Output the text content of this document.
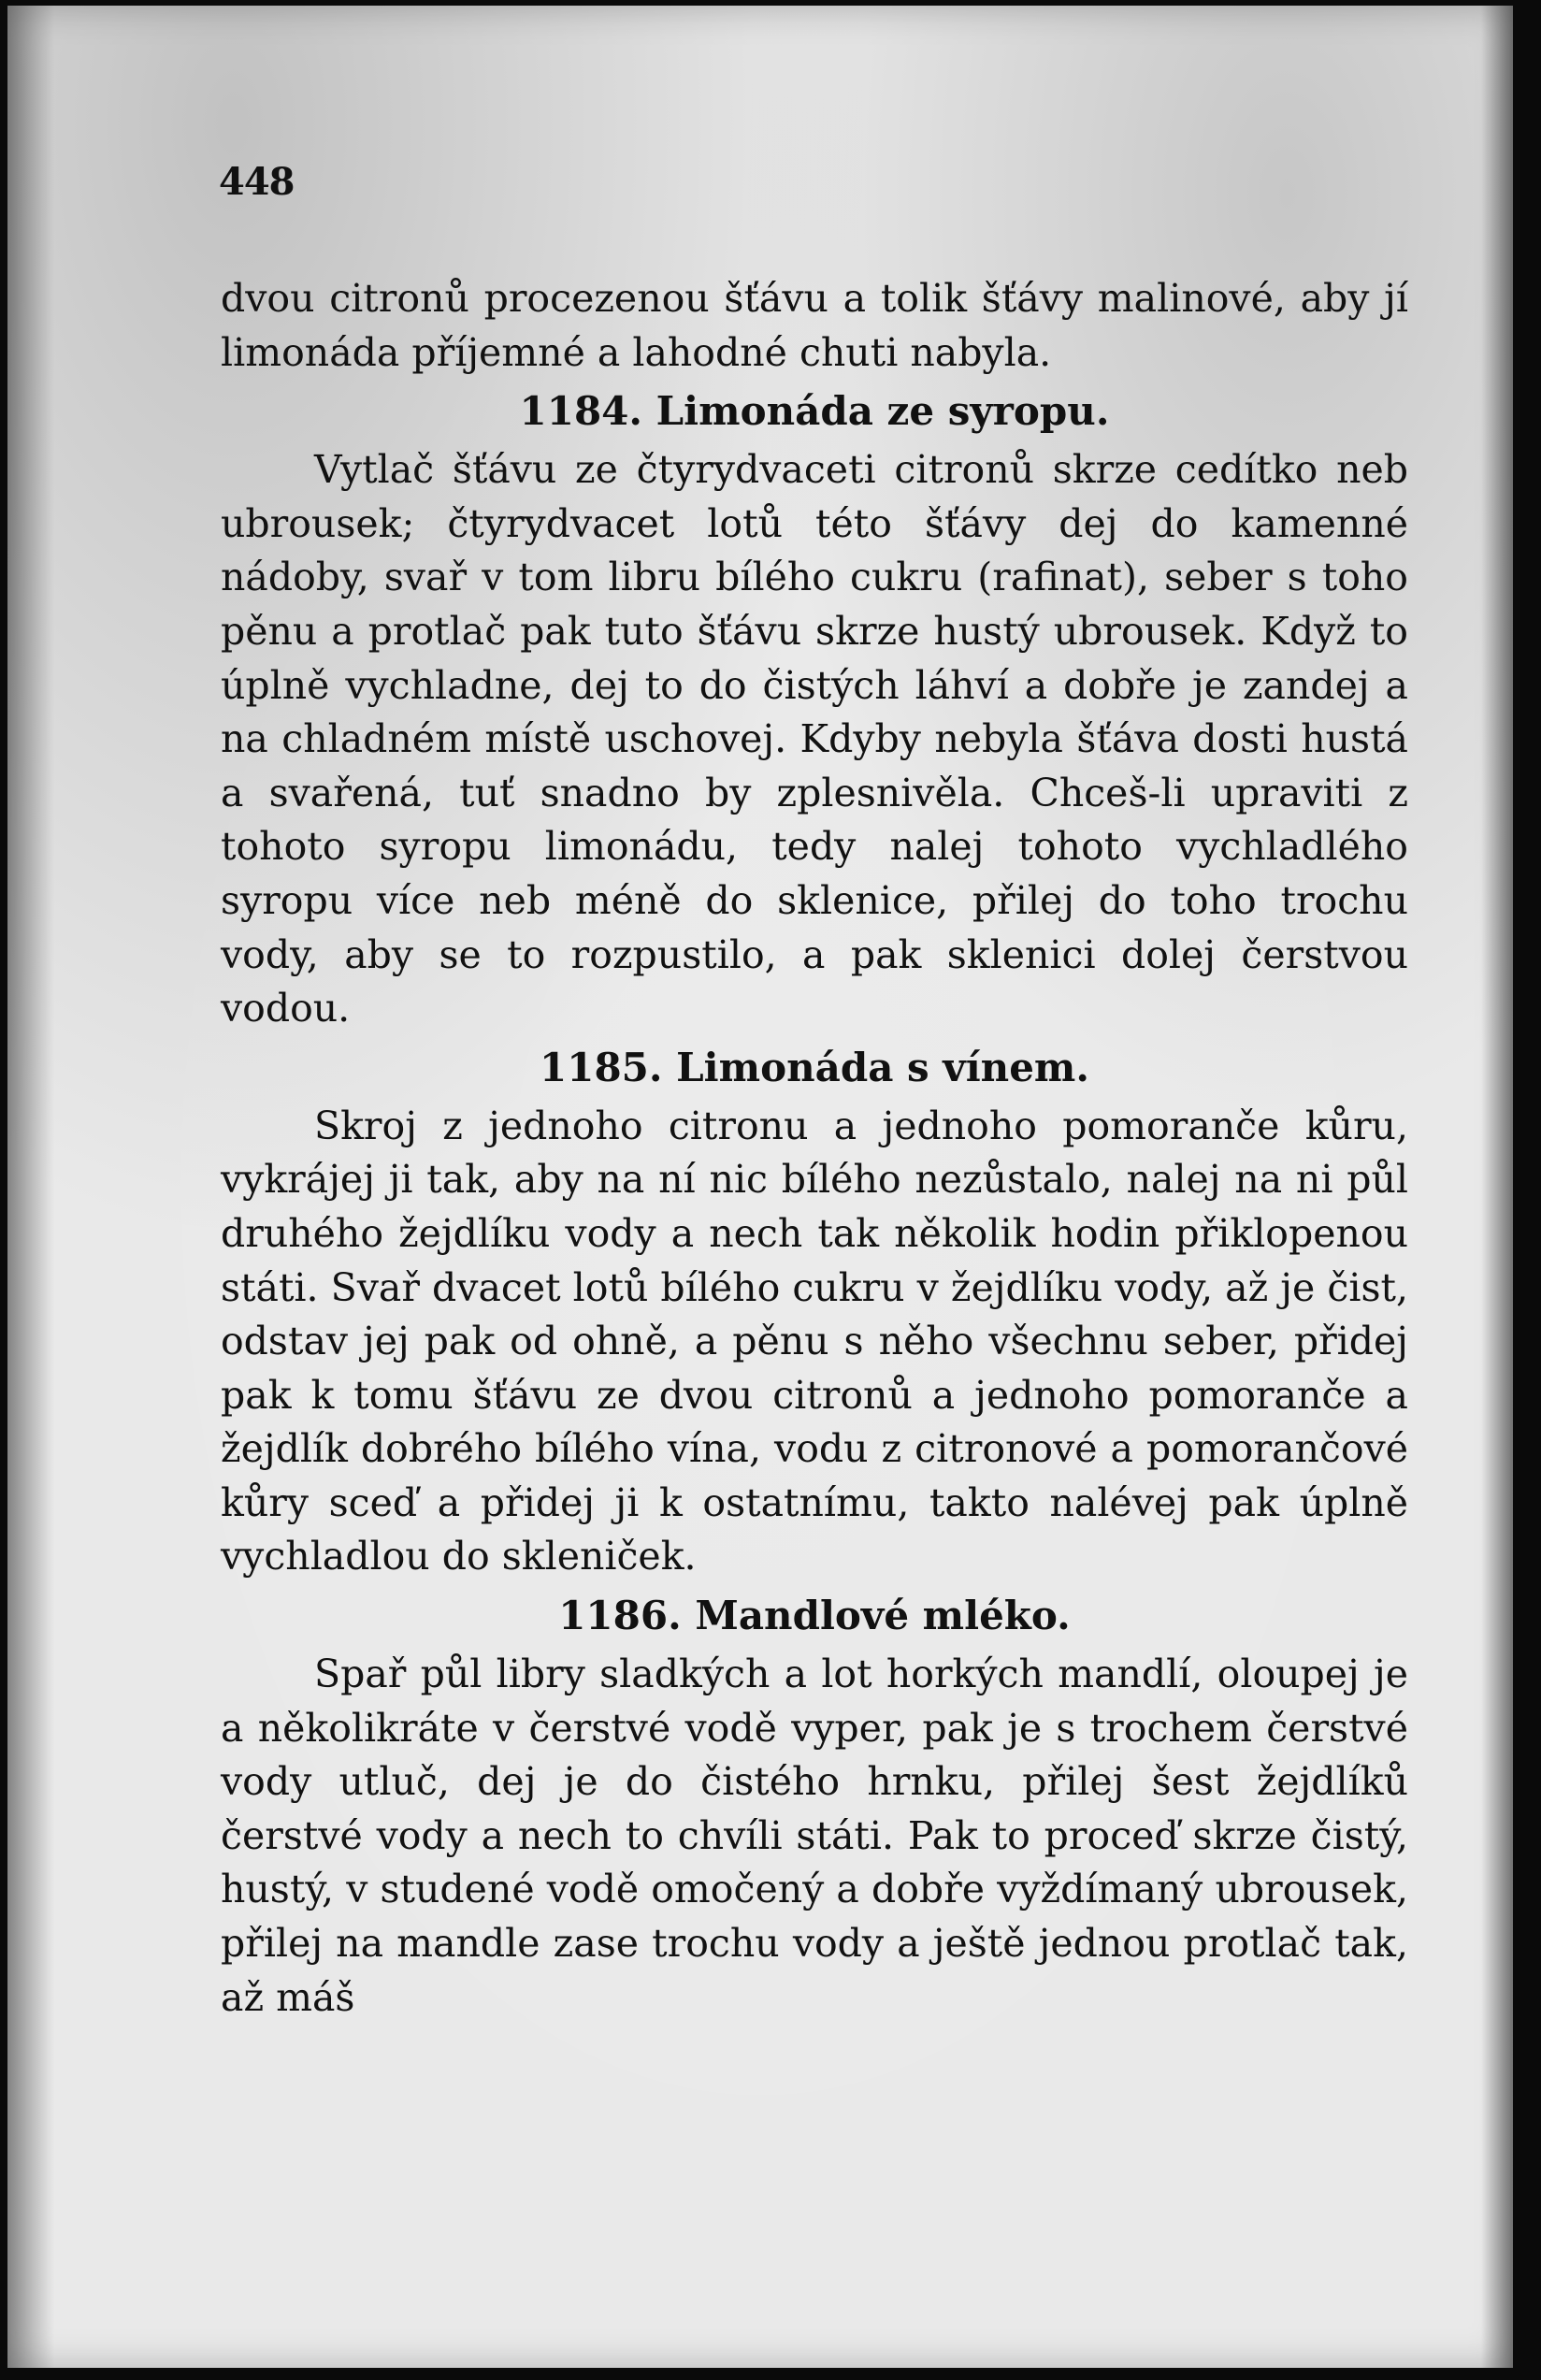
448

dvou citronů procezenou šťávu a tolik šťávy malinové, aby jí limonáda příjemné a lahodné chuti nabyla.

1184. Limonáda ze syropu.

Vytlač šťávu ze čtyrydvaceti citronů skrze cedítko neb ubrousek; čtyrydvacet lotů této šťávy dej do kamenné nádoby, svař v tom libru bílého cukru (rafinat), seber s toho pěnu a protlač pak tuto šťávu skrze hustý ubrousek. Když to úplně vychladne, dej to do čistých láhví a dobře je zandej a na chladném místě uschovej. Kdyby nebyla šťáva dosti hustá a svařená, tuť snadno by zplesnivěla. Chceš-li upraviti z tohoto syropu limonádu, tedy nalej tohoto vychladlého syropu více neb méně do sklenice, přilej do toho trochu vody, aby se to rozpustilo, a pak sklenici dolej čerstvou vodou.

1185. Limonáda s vínem.

Skroj z jednoho citronu a jednoho pomoranče kůru, vykrájej ji tak, aby na ní nic bílého nezůstalo, nalej na ni půl druhého žejdlíku vody a nech tak několik hodin přiklopenou státi. Svař dvacet lotů bílého cukru v žejdlíku vody, až je čist, odstav jej pak od ohně, a pěnu s něho všechnu seber, přidej pak k tomu šťávu ze dvou citronů a jednoho pomoranče a žejdlík dobrého bílého vína, vodu z citronové a pomorančové kůry sceď a přidej ji k ostatnímu, takto nalévej pak úplně vychladlou do skleniček.

1186. Mandlové mléko.

Spař půl libry sladkých a lot horkých mandlí, oloupej je a několikráte v čerstvé vodě vyper, pak je s trochem čerstvé vody utluč, dej je do čistého hrnku, přilej šest žejdlíků čerstvé vody a nech to chvíli státi. Pak to proceď skrze čistý, hustý, v studené vodě omočený a dobře vyždímaný ubrousek, přilej na mandle zase trochu vody a ještě jednou protlač tak, až máš
